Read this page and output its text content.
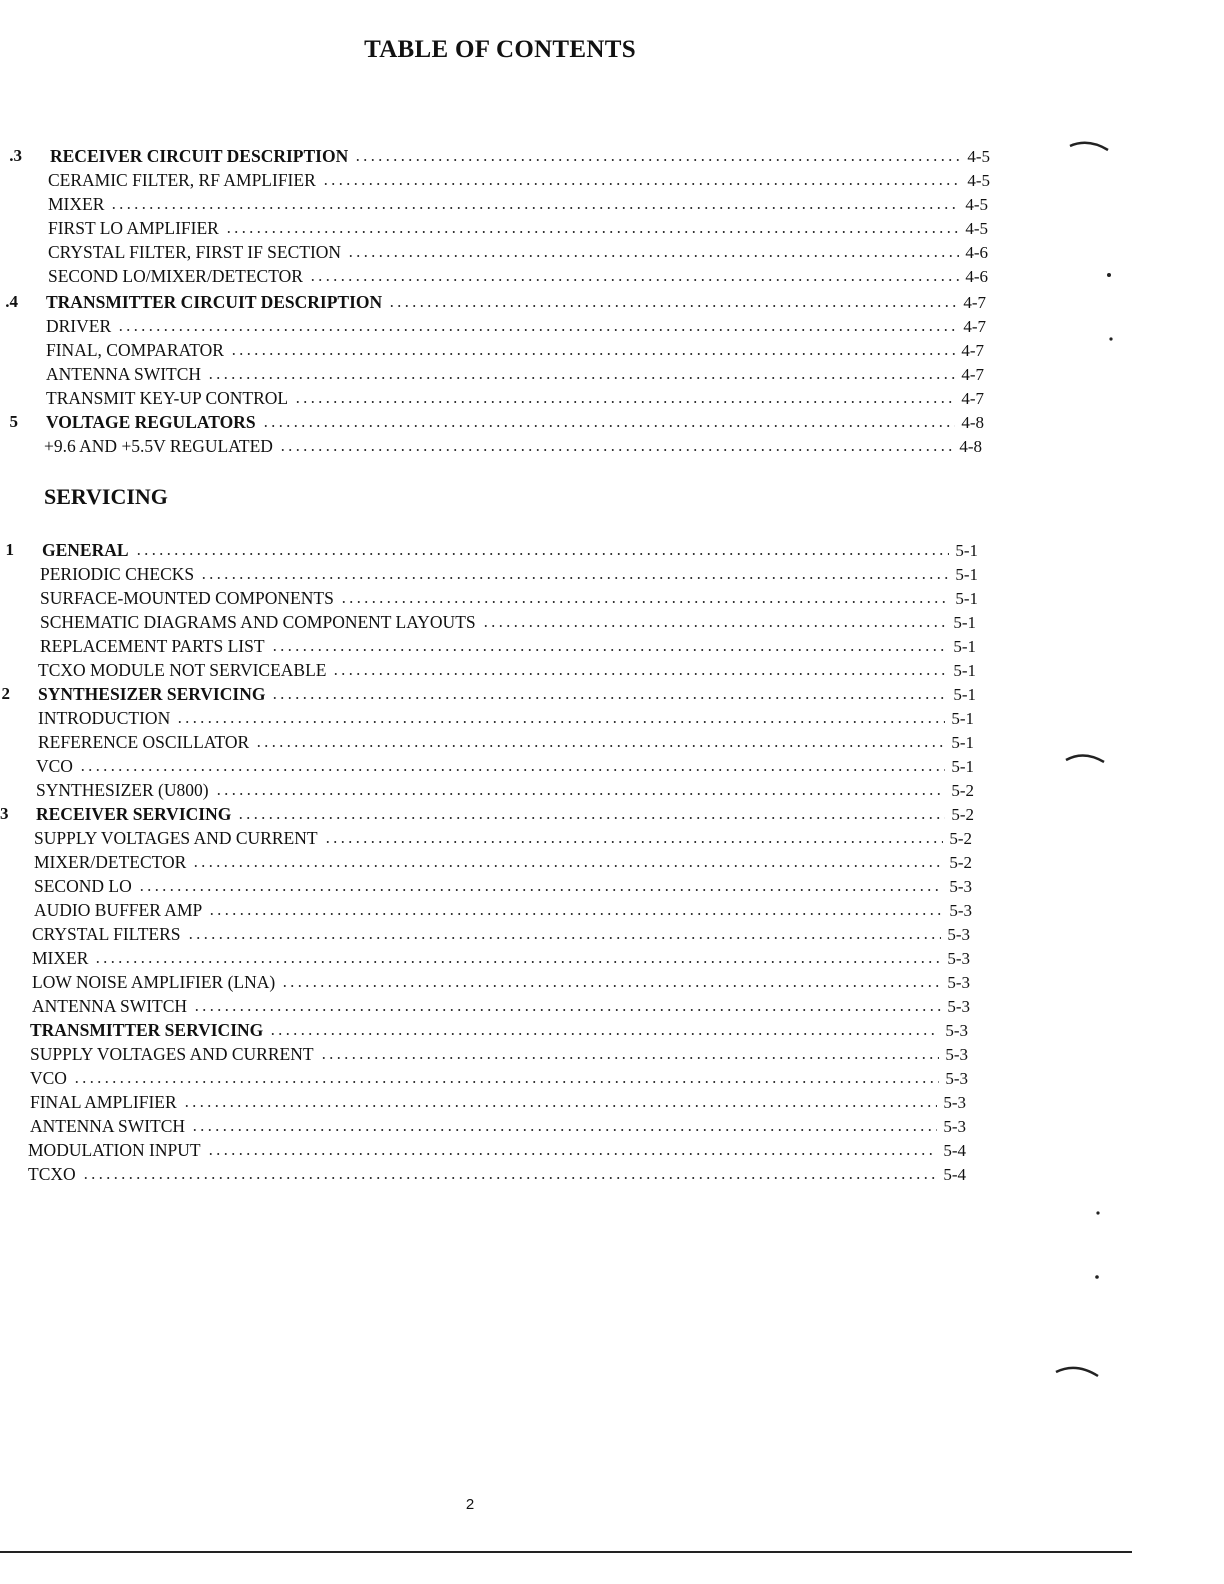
TABLE OF CONTENTS
SERVICING
.3 RECEIVER CIRCUIT DESCRIPTION	4-5
CERAMIC FILTER, RF AMPLIFIER	4-5
MIXER	4-5
FIRST LO AMPLIFIER	4-5
CRYSTAL FILTER, FIRST IF SECTION	4-6
SECOND LO/MIXER/DETECTOR	4-6
.4 TRANSMITTER CIRCUIT DESCRIPTION	4-7
DRIVER	4-7
FINAL, COMPARATOR	4-7
ANTENNA SWITCH	4-7
TRANSMIT KEY-UP CONTROL	4-7
5 VOLTAGE REGULATORS	4-8
+9.6 AND +5.5V REGULATED	4-8
1 GENERAL	5-1
PERIODIC CHECKS	5-1
SURFACE-MOUNTED COMPONENTS	5-1
SCHEMATIC DIAGRAMS AND COMPONENT LAYOUTS	5-1
REPLACEMENT PARTS LIST	5-1
TCXO MODULE NOT SERVICEABLE	5-1
2 SYNTHESIZER SERVICING	5-1
INTRODUCTION	5-1
REFERENCE OSCILLATOR	5-1
VCO	5-1
SYNTHESIZER (U800)	5-2
3 RECEIVER SERVICING	5-2
SUPPLY VOLTAGES AND CURRENT	5-2
MIXER/DETECTOR	5-2
SECOND LO	5-3
AUDIO BUFFER AMP	5-3
CRYSTAL FILTERS	5-3
MIXER	5-3
LOW NOISE AMPLIFIER (LNA)	5-3
ANTENNA SWITCH	5-3
TRANSMITTER SERVICING	5-3
SUPPLY VOLTAGES AND CURRENT	5-3
VCO	5-3
FINAL AMPLIFIER	5-3
ANTENNA SWITCH	5-3
MODULATION INPUT	5-4
TCXO	5-4
2
